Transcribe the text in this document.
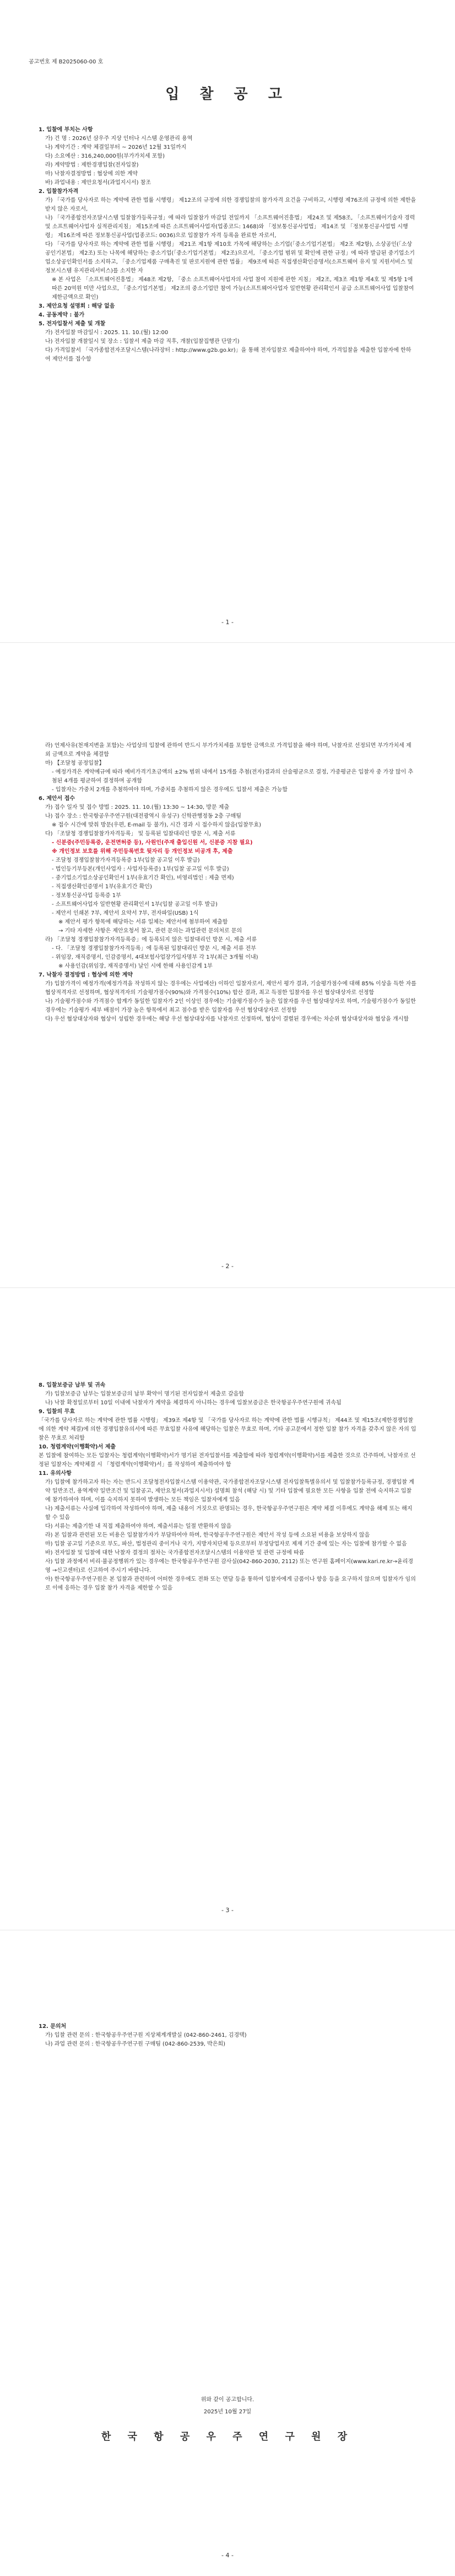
공고번호 제 B2025060-00 호
입 찰 공 고

1. 입찰에 부치는 사항

가) 건 명 : 2026년 삼우주 지상 인터나 시스템 운영관리 용역

나) 계약기간 : 계약 체결일부터 ~ 2026년 12월 31일까지

다) 소요예산 : 316,240,000원(부가가치세 포함)

라) 계약방법 : 제한경쟁입찰(전자입찰)

마) 낙찰자결정방법 : 협상에 의한 계약

바) 과업내용 : 제안요청서(과업지시서) 참조

2. 입찰참가자격

가) 「국가를 당사자로 하는 계약에 관한 법률 시행령」 제12조의 규정에 의한 경쟁입찰의 참가자격 요건을 구비하고, 시행령 제76조의 규정에 의한 제한을 받지 않은 자로서,

나) 「국가종합전자조달시스템 입찰참가등록규정」에 따라 입찰참가 마감일 전일까지 「소프트웨어진흥법」 제24조 및 제58조, 「소프트웨어기술자 경력 및 소프트웨어사업자 실적관리지침」 제15조에 따른 소프트웨어사업자(업종코드: 1468)와 「정보통신공사업법」 제14조 및 「정보통신공사업법 시행령」 제16조에 따른 정보통신공사업(업종코드: 0036)으로 입찰참가 자격 등록을 완료한 자로서,

다) 「국가를 당사자로 하는 계약에 관한 법률 시행령」 제21조 제1항 제10호 가목에 해당하는 소기업(「중소기업기본법」 제2조 제2항), 소상공인(「소상공인기본법」 제2조) 또는 나목에 해당하는 중소기업(「중소기업기본법」 제2조)으로서, 「중소기업 범위 및 확인에 관한 규정」에 따라 발급된 중기업소기업소상공인확인서를 소지하고, 「중소기업제품 구매촉진 및 판로지원에 관한 법률」 제9조에 따른 직접생산확인증명서(소프트웨어 유지 및 지원서비스 및 정보시스템 유지관리서비스)를 소지한 자

※ 본 사업은 「소프트웨어진흥법」 제48조 제2항, 「중소 소프트웨어사업자의 사업 참여 지원에 관한 지침」 제2조, 제3조 제1항 제4호 및 제5항 1에 따른 20억원 미만 사업으로, 「중소기업기본법」 제2조의 중소기업만 참여 가능(소프트웨어사업자 일반현황 관리확인서 공급 소프트웨어사업 입찰참여 제한금액으로 확인)

3. 제안요청 설명회 : 해당 없음

4. 공동계약 : 불가

5. 전자입찰서 제출 및 개찰

가) 전자입찰 마감일시 : 2025. 11. 10.(월) 12:00

나) 전자입찰 개찰일시 및 장소 : 입찰서 제출 마감 직후, 개찰(입찰집행관 단말기)

다) 가격입찰서 「국가종합전자조달시스템(나라장터 : http://www.g2b.go.kr)」을 통해 전자입찰로 제출하여야 하며, 가격입찰을 제출한 입찰자에 한하여 제안서를 접수함

- 1 -

라) 언제사유(천재지변을 포함)는 사업상의 입찰에 관하여 반드시 부가가치세를 포함한 금액으로 가격입찰을 해야 하며, 낙찰자로 선정되면 부가가치세 제외 금액으로 계약을 체결함

마) 【조달청 공정입찰】

- 예정가격은 계약예규에 따라 예비가격기초금액의 ±2% 범위 내에서 15개를 추첨(전자)결과의 산술평균으로 결정, 가중평균은 입찰자 중 가장 많이 추첨된 4개를 평균하여 결정하며 공개함

- 입찰자는 가중치 2개를 추첨하여야 하며, 가중치를 추첨하지 않은 경우에도 입찰서 제출은 가능함

6. 제안서 접수

가) 접수 일자 및 접수 방법 : 2025. 11. 10.(월) 13:30 ~ 14:30, 방문 제출

나) 접수 장소 : 한국항공우주연구원(대전광역시 유성구) 신학관행정동 2층 구매팀

※ 접수 시간에 맞춰 방문(우편, E-mail 등 불가), 시간 경과 시 접수하지 않음(입찰무효)

다) 「조달청 경쟁입찰참가자격등록」 및 등록된 입찰대리인 방문 시, 제출 서류

- 신분증(주민등록증, 운전면허증 등), 사원인(주재 출입신원 서, 신분증 지참 필요)

※ 개인정보 보호를 위해 주민등록번호 뒷자리 등 개인정보 비공개 후, 제출

- 조달청 경쟁입찰참가자격등록증 1부(입찰 공고일 이후 발급)

- 법인등기부등본(개인사업자 : 사업자등록증) 1부(입찰 공고일 이후 발급)

- 중기업소기업소상공인확인서 1부(유효기간 확인), 비영리법인 : 제출 면제)

- 직접생산확인증명서 1부(유효기간 확인)

- 정보통신공사업 등록증 1부

- 소프트웨어사업자 일반현황 관리확인서 1부(입찰 공고일 이후 발급)

- 제안서 인쇄본 7부, 제안서 요약서 7부, 전자파일(USB) 1식

※ 제안서 평가 항목에 해당하는 서류 일체는 제안서에 첨부하여 제출함

→ 기타 자세한 사항은 제안요청서 참고, 관련 문의는 과업관련 문의처로 문의

라) 「조달청 경쟁입찰참가자격등록증」에 등록되지 않은 입찰대리인 방문 시, 제출 서류

- 다. 「조달청 경쟁입찰참가자격등록」에 등록된 입찰대리인 방문 시, 제출 서류 전부

- 위임장, 재직증명서, 인감증명서, 4대보험사업장가입자명부 각 1부(최근 3개월 이내)

※ 사용인감(위임장, 재직증명서) 날인 시에 한해 사용인감계 1부

7. 낙찰자 결정방법 : 협상에 의한 계약

가) 입찰가격이 예정가격(예정가격을 작성하지 않는 경우에는 사업예산) 이하인 입찰자로서, 제안서 평가 결과, 기술평가점수에 대해 85% 이상을 득한 자를 협상적격자로 선정하며, 협상적격자의 기술평가점수(90%)와 가격점수(10%) 합산 결과, 최고 득점한 입찰자를 우선 협상대상자로 선정함

나) 기술평가점수와 가격점수 합계가 동일한 입찰자가 2인 이상인 경우에는 기술평가점수가 높은 입찰자를 우선 협상대상자로 하며, 기술평가점수가 동일한 경우에는 기술평가 세부 배점이 가장 높은 항목에서 최고 점수를 받은 입찰자를 우선 협상대상자로 선정함

다) 우선 협상대상자와 협상이 성립한 경우에는 해당 우선 협상대상자를 낙찰자로 선정하며, 협상이 결렬된 경우에는 차순위 협상대상자와 협상을 개시함

- 2 -

8. 입찰보증금 납부 및 귀속

가) 입찰보증금 납부는 입찰보증금의 납부 확약이 명기된 전자입찰서 제출로 갈음함

나) 낙찰 확정일로부터 10일 이내에 낙찰자가 계약을 체결하지 아니하는 경우에 입찰보증금은 한국항공우주연구원에 귀속됨

9. 입찰의 무효

「국가를 당사자로 하는 계약에 관한 법률 시행령」 제39조 제4항 및 「국가를 당사자로 하는 계약에 관한 법률 시행규칙」 제44조 및 제15조(제한경쟁입찰에 의한 계약 체결)에 의한 경쟁입찰유의서에 따른 무효입찰 사유에 해당하는 입찰은 무효로 하며, 기타 공고문에서 정한 입찰 참가 자격을 갖추지 않은 자의 입찰은 무효로 처리함

10. 청렴계약(이행확약)서 제출

본 입찰에 참여하는 모든 입찰자는 청렴계약(이행확약)서가 명기된 전자입찰서를 제출함에 따라 청렴계약(이행확약)서를 제출한 것으로 간주하며, 낙찰자로 선정된 입찰자는 계약체결 시 「청렴계약(이행확약)서」를 작성하여 제출하여야 함

11. 유의사항

가) 입찰에 참가하고자 하는 자는 반드시 조달청전자입찰시스템 이용약관, 국가종합전자조달시스템 전자입찰특별유의서 및 입찰참가등록규정, 경쟁입찰 계약 일반조건, 용역계약 일반조건 및 입찰공고, 제안요청서(과업지시서) 설명회 참석 (해당 시) 및 기타 입찰에 필요한 모든 사항을 입찰 전에 숙지하고 입찰에 참가하여야 하며, 이를 숙지하지 못하여 발생하는 모든 책임은 입찰자에게 있음

나) 제출서류는 사실에 입각하여 작성하여야 하며, 제출 내용이 거짓으로 판명되는 경우, 한국항공우주연구원은 계약 체결 이후에도 계약을 해제 또는 해지할 수 있음

다) 서류는 제출기한 내 직접 제출하여야 하며, 제출서류는 일절 반환하지 않음

라) 본 입찰과 관련된 모든 비용은 입찰참가자가 부담하여야 하며, 한국항공우주연구원은 제안서 작성 등에 소요된 비용을 보상하지 않음

마) 입찰 공고일 기준으로 부도, 파산, 법정관리 중이거나 국가, 지방자치단체 등으로부터 부정당업자로 제재 기간 중에 있는 자는 입찰에 참가할 수 없음

바) 전자입찰 및 입찰에 대한 낙찰자 결정의 절차는 국가종합전자조달시스템의 이용약관 및 관련 규정에 따름

사) 입찰 과정에서 비리·불공정행위가 있는 경우에는 한국항공우주연구원 감사실(042-860-2030, 2112) 또는 연구원 홈페이지(www.kari.re.kr→윤리경영 →신고센터)로 신고하여 주시기 바랍니다.

아) 한국항공우주연구원은 본 입찰과 관련하여 어떠한 경우에도 전화 또는 면담 등을 통하여 입찰자에게 금품이나 향응 등을 요구하지 않으며 입찰자가 임의로 이에 응하는 경우 입찰 참가 자격을 제한할 수 있음

- 3 -

12. 문의처

가) 입찰 관련 문의 : 한국항공우주연구원 지상체계개발실 (042-860-2461, 김경택)

나) 과업 관련 문의 : 한국항공우주연구원 구매팀 (042-860-2539, 박은희)

위와 같이 공고합니다.
2025년 10월 27일
한 국 항 공 우 주 연 구 원 장
- 4 -
